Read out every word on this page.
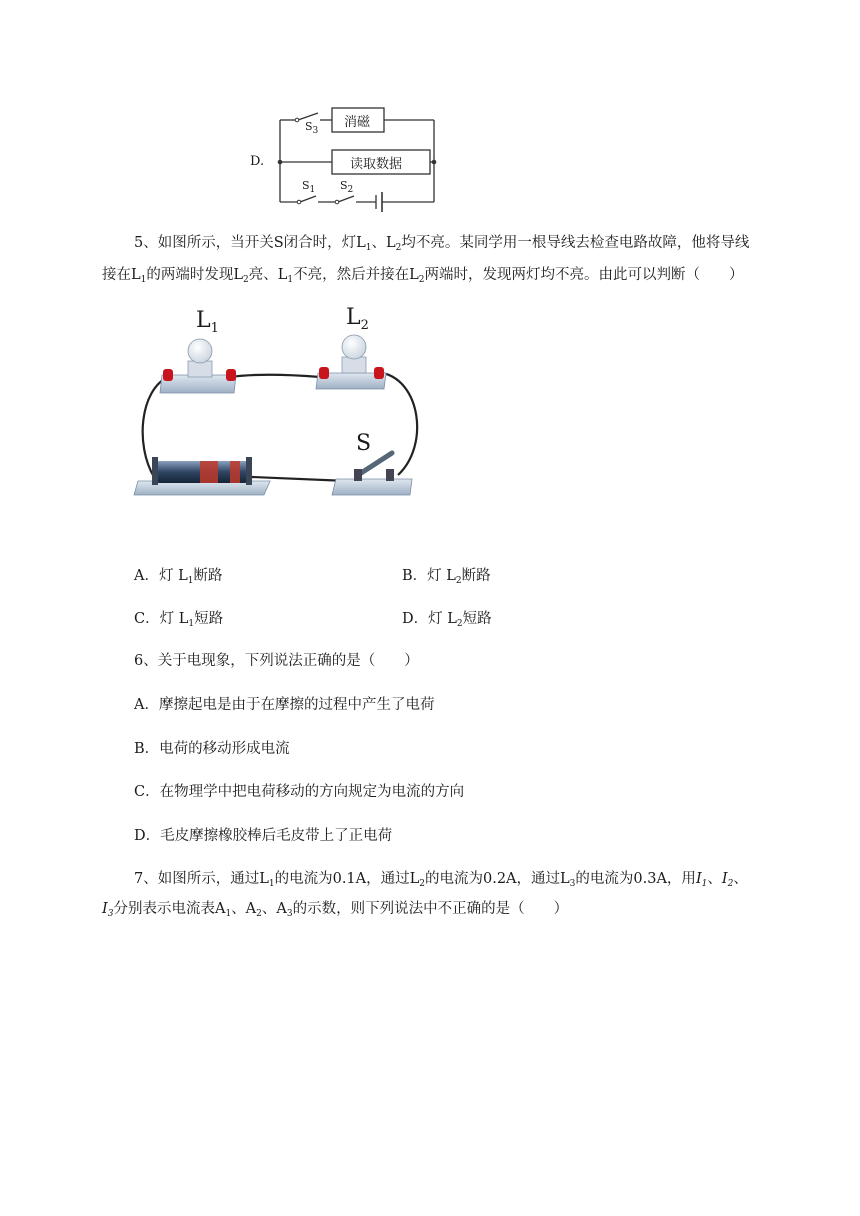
D.
消磁
读取数据
$S_3$
$S_1$ $S_2$
5、如图所示，当开关S闭合时，灯$L_1$、$L_2$均不亮。某同学用一根导线去检查电路故障，他将导线
接在$L_1$的两端时发现$L_2$亮、$L_1$不亮，然后并接在$L_2$两端时，发现两灯均不亮。由此可以判断（　　）
$L_1$	$L_2$
S
A．灯 $L_1$断路	B．灯 $L_2$断路
C．灯 $L_1$短路	D．灯 $L_2$短路
6、关于电现象，下列说法正确的是（　　）
A．摩擦起电是由于在摩擦的过程中产生了电荷
B．电荷的移动形成电流
C．在物理学中把电荷移动的方向规定为电流的方向
D．毛皮摩擦橡胶棒后毛皮带上了正电荷
7、如图所示，通过$L_1$的电流为0.1A，通过$L_2$的电流为0.2A，通过$L_3$的电流为0.3A，用$I_1$、$I_2$、
$I_3$分别表示电流表$A_1$、$A_2$、$A_3$的示数，则下列说法中不正确的是（　　）
